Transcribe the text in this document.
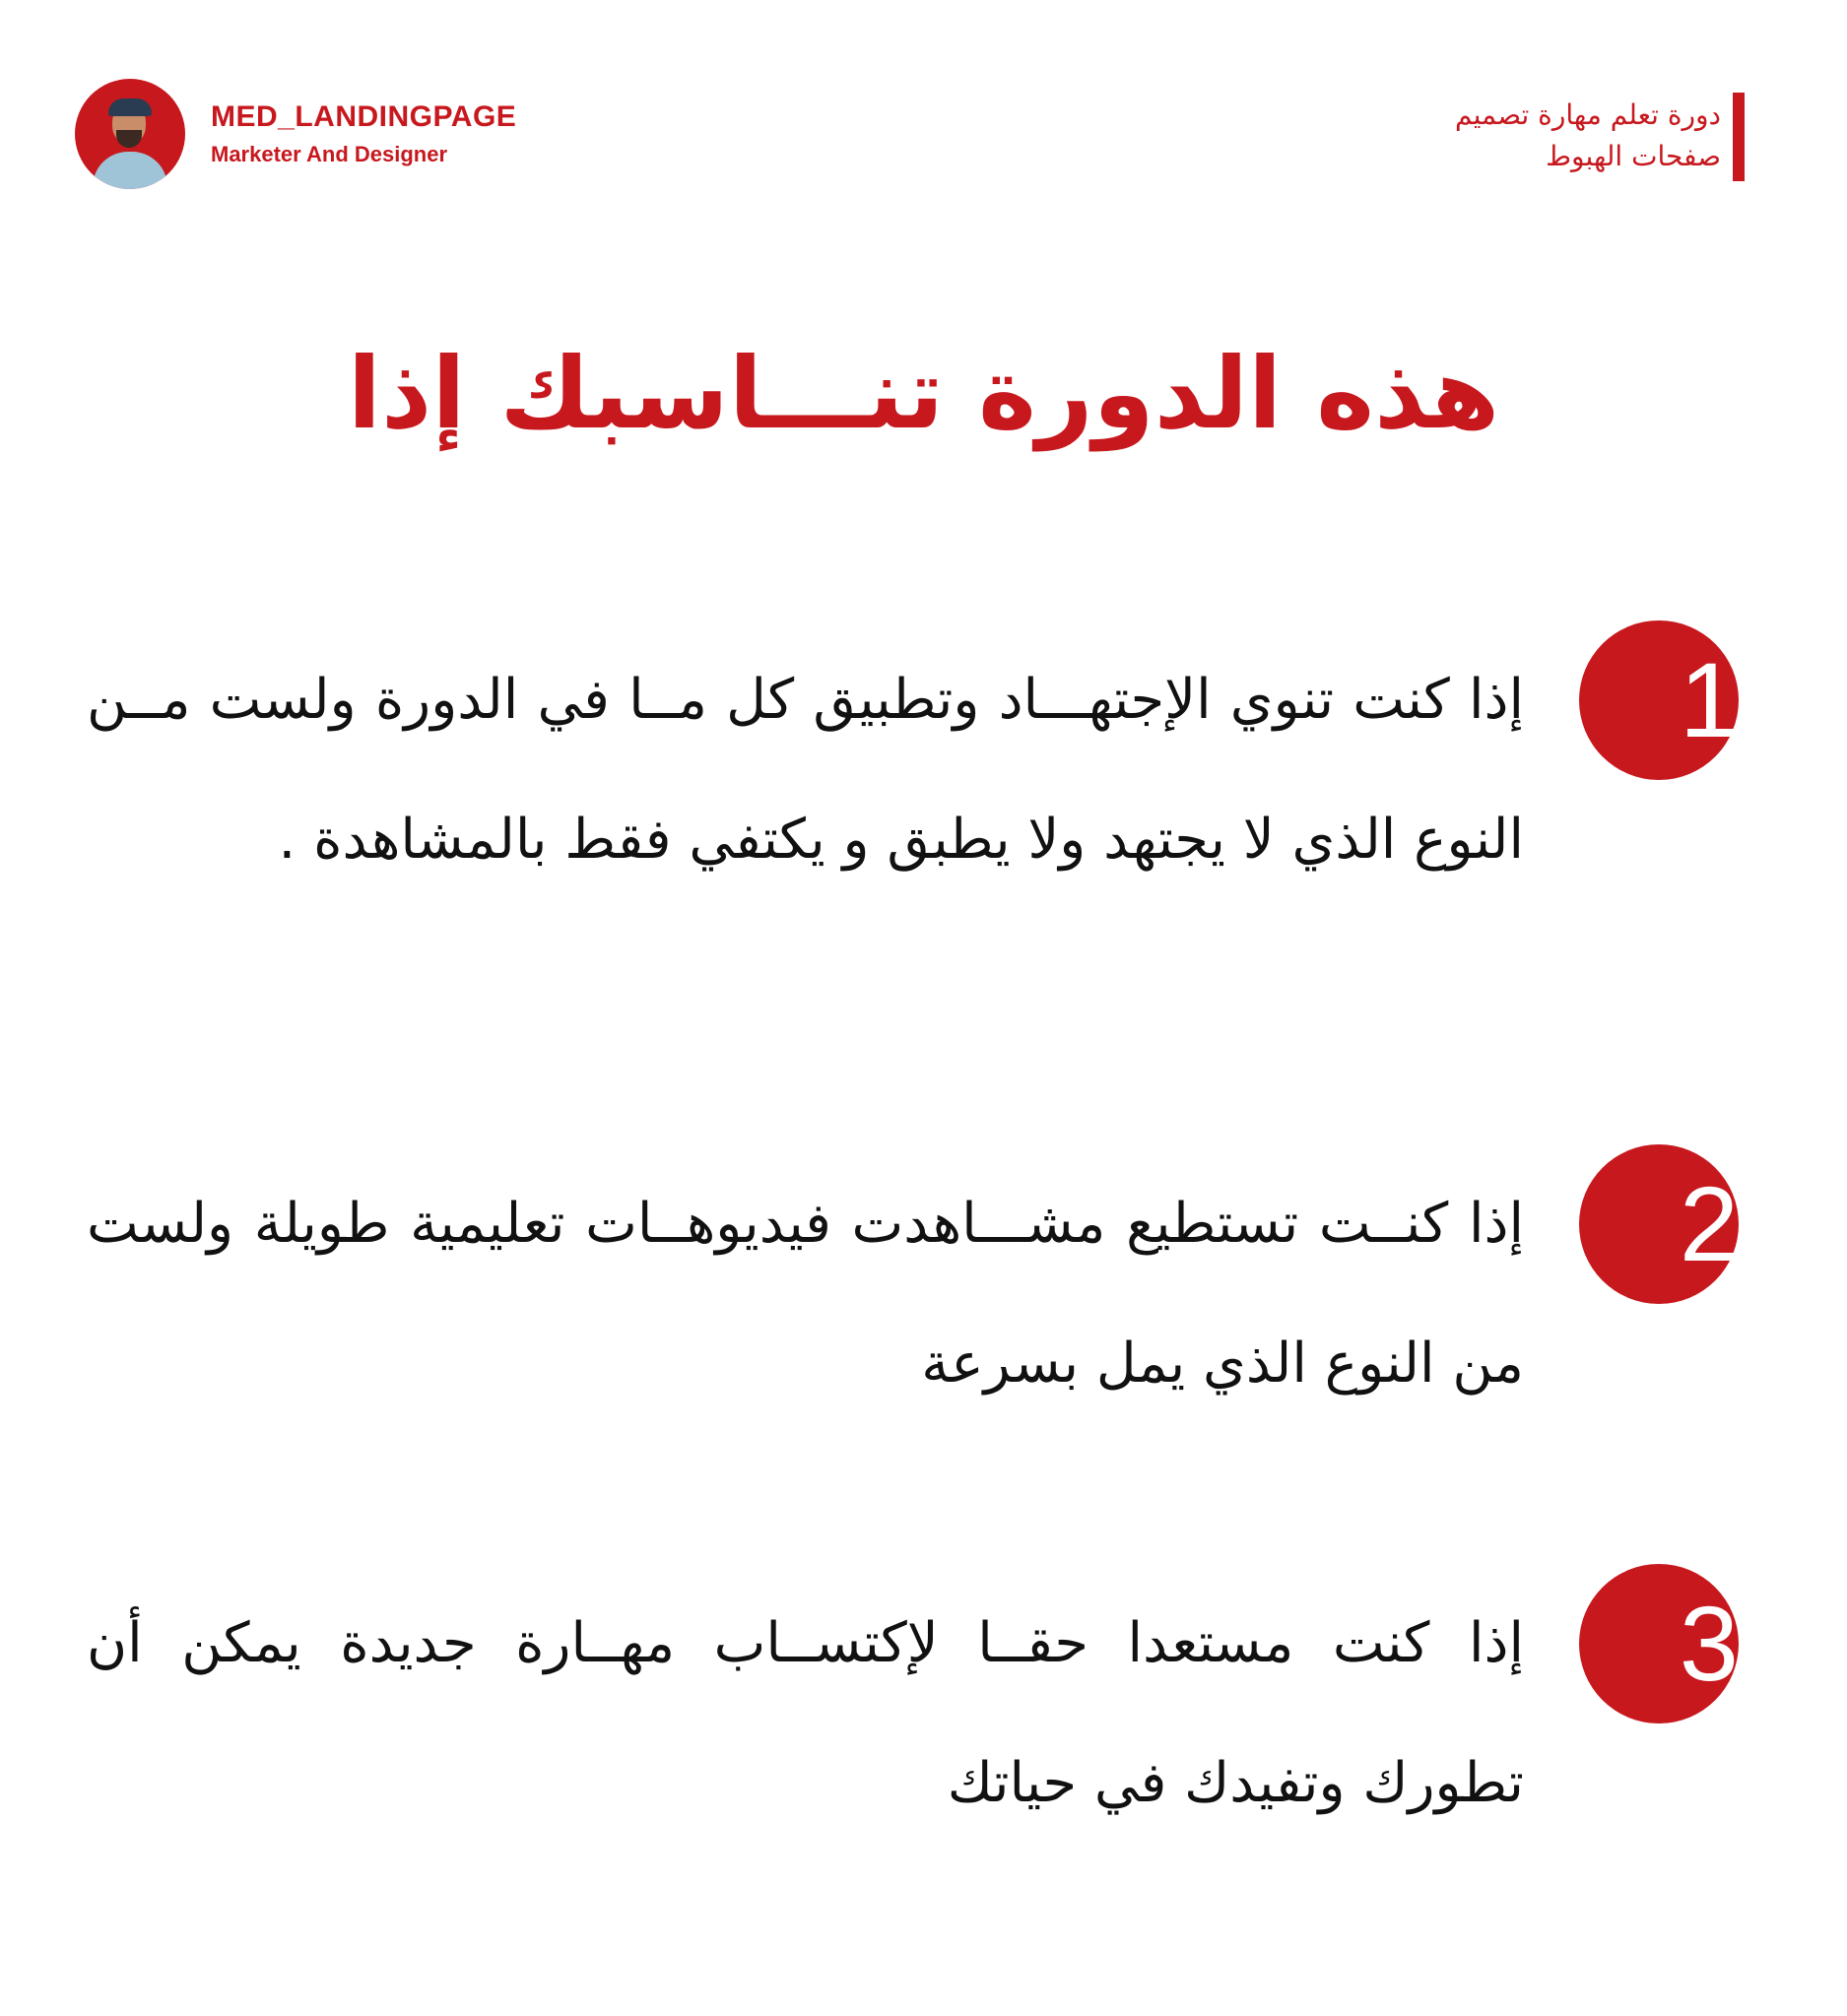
MED_LANDINGPAGE
Marketer And Designer
دورة تعلم مهارة تصميم
صفحات الهبوط
هذه الدورة تنـــاسبك إذا
1
إذا كنت تنوي الإجتهـــاد وتطبيق كل مــا في الدورة ولست مــن النوع الذي لا يجتهد ولا يطبق و يكتفي فقط بالمشاهدة .
2
إذا كنــت تستطيع مشـــاهدت فيديوهــات تعليمية طويلة ولست من النوع الذي يمل بسرعة
3
إذا كنت مستعدا حقــا لإكتســاب مهــارة جديدة يمكن أن تطورك وتفيدك في حياتك
